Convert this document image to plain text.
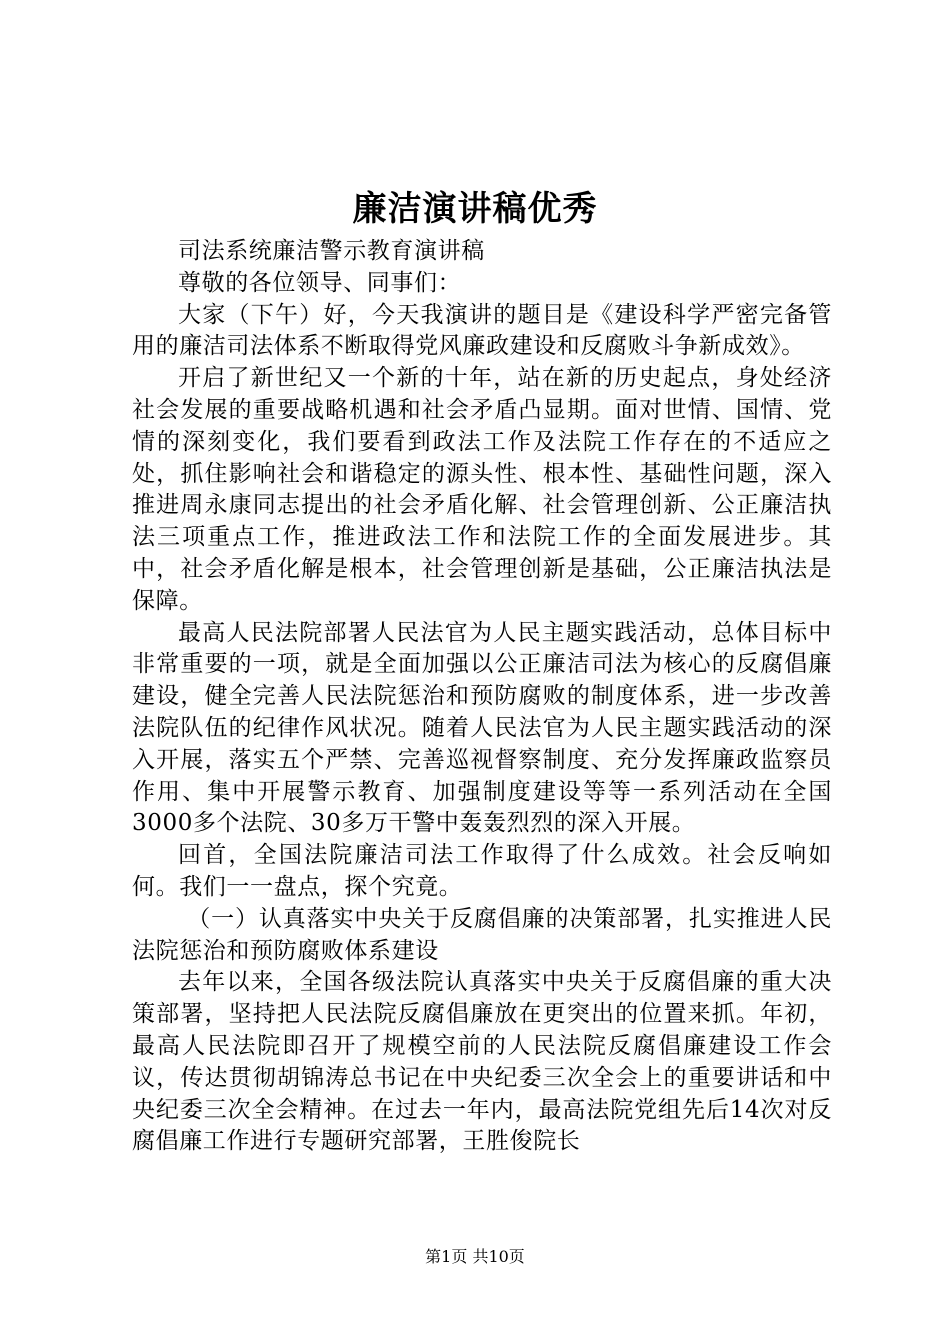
廉洁演讲稿优秀

司法系统廉洁警示教育演讲稿

尊敬的各位领导、同事们：

大家（下午）好，今天我演讲的题目是《建设科学严密完备管用的廉洁司法体系不断取得党风廉政建设和反腐败斗争新成效》。

开启了新世纪又一个新的十年，站在新的历史起点，身处经济社会发展的重要战略机遇和社会矛盾凸显期。面对世情、国情、党情的深刻变化，我们要看到政法工作及法院工作存在的不适应之处，抓住影响社会和谐稳定的源头性、根本性、基础性问题，深入推进周永康同志提出的社会矛盾化解、社会管理创新、公正廉洁执法三项重点工作，推进政法工作和法院工作的全面发展进步。其中，社会矛盾化解是根本，社会管理创新是基础，公正廉洁执法是保障。

最高人民法院部署人民法官为人民主题实践活动，总体目标中非常重要的一项，就是全面加强以公正廉洁司法为核心的反腐倡廉建设，健全完善人民法院惩治和预防腐败的制度体系，进一步改善法院队伍的纪律作风状况。随着人民法官为人民主题实践活动的深入开展，落实五个严禁、完善巡视督察制度、充分发挥廉政监察员作用、集中开展警示教育、加强制度建设等等一系列活动在全国3000多个法院、30多万干警中轰轰烈烈的深入开展。

回首，全国法院廉洁司法工作取得了什么成效。社会反响如何。我们一一盘点，探个究竟。

（一）认真落实中央关于反腐倡廉的决策部署，扎实推进人民法院惩治和预防腐败体系建设

去年以来，全国各级法院认真落实中央关于反腐倡廉的重大决策部署，坚持把人民法院反腐倡廉放在更突出的位置来抓。年初，最高人民法院即召开了规模空前的人民法院反腐倡廉建设工作会议，传达贯彻胡锦涛总书记在中央纪委三次全会上的重要讲话和中央纪委三次全会精神。在过去一年内，最高法院党组先后14次对反腐倡廉工作进行专题研究部署，王胜俊院长

第1页 共10页
